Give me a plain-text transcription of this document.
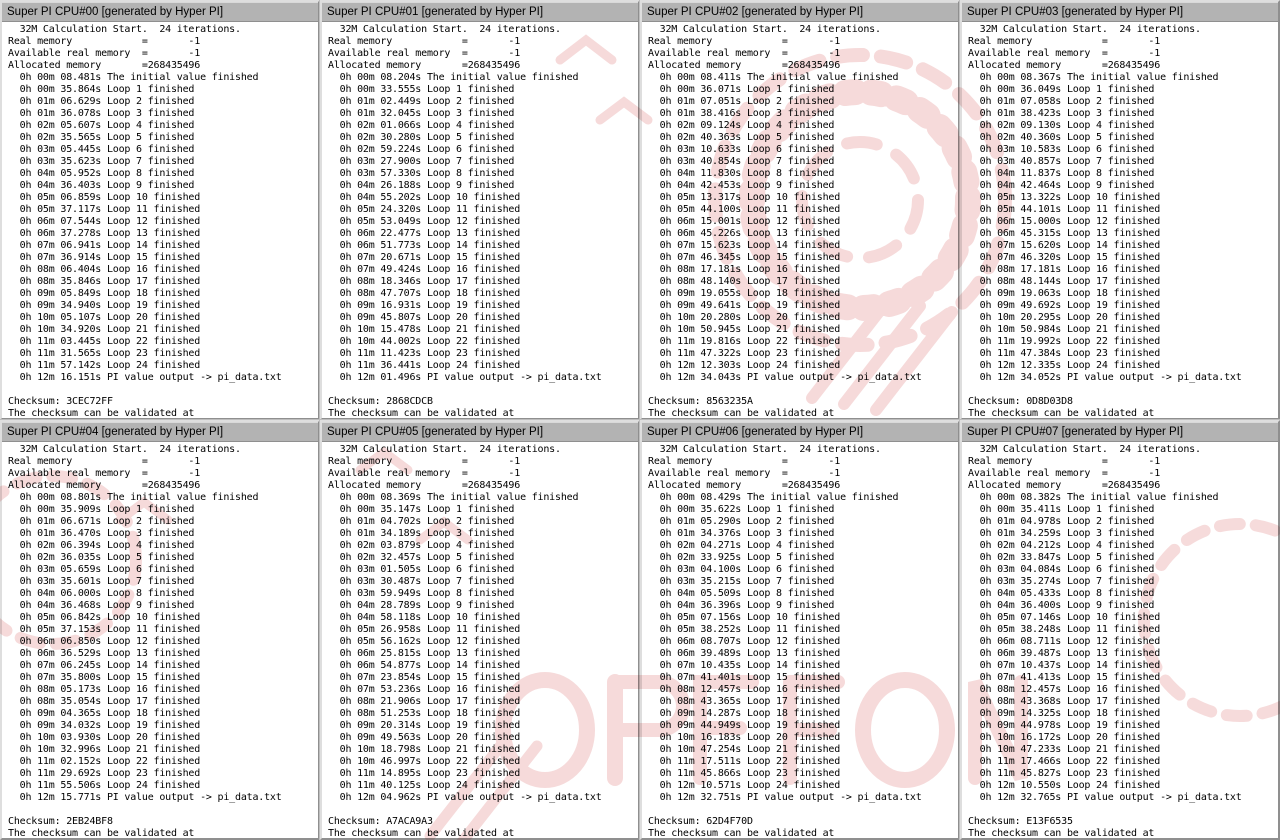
Super PI CPU#00 [generated by Hyper PI]
32M Calculation Start.  24 iterations.
Real memory            =       -1
Available real memory  =       -1
Allocated memory       =268435496
0h 00m 08.481s The initial value finished
0h 00m 35.864s Loop 1 finished
0h 01m 06.629s Loop 2 finished
0h 01m 36.078s Loop 3 finished
0h 02m 05.607s Loop 4 finished
0h 02m 35.565s Loop 5 finished
0h 03m 05.445s Loop 6 finished
0h 03m 35.623s Loop 7 finished
0h 04m 05.952s Loop 8 finished
0h 04m 36.403s Loop 9 finished
0h 05m 06.859s Loop 10 finished
0h 05m 37.117s Loop 11 finished
0h 06m 07.544s Loop 12 finished
0h 06m 37.278s Loop 13 finished
0h 07m 06.941s Loop 14 finished
0h 07m 36.914s Loop 15 finished
0h 08m 06.404s Loop 16 finished
0h 08m 35.846s Loop 17 finished
0h 09m 05.849s Loop 18 finished
0h 09m 34.940s Loop 19 finished
0h 10m 05.107s Loop 20 finished
0h 10m 34.920s Loop 21 finished
0h 11m 03.445s Loop 22 finished
0h 11m 31.565s Loop 23 finished
0h 11m 57.142s Loop 24 finished
0h 12m 16.151s PI value output -> pi_data.txt
Checksum: 3CEC72FF
The checksum can be validated at
Super PI CPU#01 [generated by Hyper PI]
32M Calculation Start.  24 iterations.
Real memory            =       -1
Available real memory  =       -1
Allocated memory       =268435496
0h 00m 08.204s The initial value finished
0h 00m 33.555s Loop 1 finished
0h 01m 02.449s Loop 2 finished
0h 01m 32.045s Loop 3 finished
0h 02m 01.066s Loop 4 finished
0h 02m 30.280s Loop 5 finished
0h 02m 59.224s Loop 6 finished
0h 03m 27.900s Loop 7 finished
0h 03m 57.330s Loop 8 finished
0h 04m 26.188s Loop 9 finished
0h 04m 55.202s Loop 10 finished
0h 05m 24.320s Loop 11 finished
0h 05m 53.049s Loop 12 finished
0h 06m 22.477s Loop 13 finished
0h 06m 51.773s Loop 14 finished
0h 07m 20.671s Loop 15 finished
0h 07m 49.424s Loop 16 finished
0h 08m 18.346s Loop 17 finished
0h 08m 47.707s Loop 18 finished
0h 09m 16.931s Loop 19 finished
0h 09m 45.807s Loop 20 finished
0h 10m 15.478s Loop 21 finished
0h 10m 44.002s Loop 22 finished
0h 11m 11.423s Loop 23 finished
0h 11m 36.441s Loop 24 finished
0h 12m 01.496s PI value output -> pi_data.txt
Checksum: 2868CDCB
The checksum can be validated at
Super PI CPU#02 [generated by Hyper PI]
32M Calculation Start.  24 iterations.
Real memory            =       -1
Available real memory  =       -1
Allocated memory       =268435496
0h 00m 08.411s The initial value finished
0h 00m 36.071s Loop 1 finished
0h 01m 07.051s Loop 2 finished
0h 01m 38.416s Loop 3 finished
0h 02m 09.124s Loop 4 finished
0h 02m 40.363s Loop 5 finished
0h 03m 10.633s Loop 6 finished
0h 03m 40.854s Loop 7 finished
0h 04m 11.830s Loop 8 finished
0h 04m 42.453s Loop 9 finished
0h 05m 13.317s Loop 10 finished
0h 05m 44.100s Loop 11 finished
0h 06m 15.001s Loop 12 finished
0h 06m 45.226s Loop 13 finished
0h 07m 15.623s Loop 14 finished
0h 07m 46.345s Loop 15 finished
0h 08m 17.181s Loop 16 finished
0h 08m 48.140s Loop 17 finished
0h 09m 19.055s Loop 18 finished
0h 09m 49.641s Loop 19 finished
0h 10m 20.280s Loop 20 finished
0h 10m 50.945s Loop 21 finished
0h 11m 19.816s Loop 22 finished
0h 11m 47.322s Loop 23 finished
0h 12m 12.303s Loop 24 finished
0h 12m 34.043s PI value output -> pi_data.txt
Checksum: 8563235A
The checksum can be validated at
Super PI CPU#03 [generated by Hyper PI]
32M Calculation Start.  24 iterations.
Real memory            =       -1
Available real memory  =       -1
Allocated memory       =268435496
0h 00m 08.367s The initial value finished
0h 00m 36.049s Loop 1 finished
0h 01m 07.058s Loop 2 finished
0h 01m 38.423s Loop 3 finished
0h 02m 09.130s Loop 4 finished
0h 02m 40.360s Loop 5 finished
0h 03m 10.583s Loop 6 finished
0h 03m 40.857s Loop 7 finished
0h 04m 11.837s Loop 8 finished
0h 04m 42.464s Loop 9 finished
0h 05m 13.322s Loop 10 finished
0h 05m 44.101s Loop 11 finished
0h 06m 15.000s Loop 12 finished
0h 06m 45.315s Loop 13 finished
0h 07m 15.620s Loop 14 finished
0h 07m 46.320s Loop 15 finished
0h 08m 17.181s Loop 16 finished
0h 08m 48.144s Loop 17 finished
0h 09m 19.063s Loop 18 finished
0h 09m 49.692s Loop 19 finished
0h 10m 20.295s Loop 20 finished
0h 10m 50.984s Loop 21 finished
0h 11m 19.992s Loop 22 finished
0h 11m 47.384s Loop 23 finished
0h 12m 12.335s Loop 24 finished
0h 12m 34.052s PI value output -> pi_data.txt
Checksum: 0D8D03D8
The checksum can be validated at
Super PI CPU#04 [generated by Hyper PI]
32M Calculation Start.  24 iterations.
Real memory            =       -1
Available real memory  =       -1
Allocated memory       =268435496
0h 00m 08.801s The initial value finished
0h 00m 35.909s Loop 1 finished
0h 01m 06.671s Loop 2 finished
0h 01m 36.470s Loop 3 finished
0h 02m 06.394s Loop 4 finished
0h 02m 36.035s Loop 5 finished
0h 03m 05.659s Loop 6 finished
0h 03m 35.601s Loop 7 finished
0h 04m 06.000s Loop 8 finished
0h 04m 36.468s Loop 9 finished
0h 05m 06.842s Loop 10 finished
0h 05m 37.153s Loop 11 finished
0h 06m 06.850s Loop 12 finished
0h 06m 36.529s Loop 13 finished
0h 07m 06.245s Loop 14 finished
0h 07m 35.800s Loop 15 finished
0h 08m 05.173s Loop 16 finished
0h 08m 35.054s Loop 17 finished
0h 09m 04.365s Loop 18 finished
0h 09m 34.032s Loop 19 finished
0h 10m 03.930s Loop 20 finished
0h 10m 32.996s Loop 21 finished
0h 11m 02.152s Loop 22 finished
0h 11m 29.692s Loop 23 finished
0h 11m 55.506s Loop 24 finished
0h 12m 15.771s PI value output -> pi_data.txt
Checksum: 2EB24BF8
The checksum can be validated at
Super PI CPU#05 [generated by Hyper PI]
32M Calculation Start.  24 iterations.
Real memory            =       -1
Available real memory  =       -1
Allocated memory       =268435496
0h 00m 08.369s The initial value finished
0h 00m 35.147s Loop 1 finished
0h 01m 04.702s Loop 2 finished
0h 01m 34.189s Loop 3 finished
0h 02m 03.879s Loop 4 finished
0h 02m 32.457s Loop 5 finished
0h 03m 01.505s Loop 6 finished
0h 03m 30.487s Loop 7 finished
0h 03m 59.949s Loop 8 finished
0h 04m 28.789s Loop 9 finished
0h 04m 58.118s Loop 10 finished
0h 05m 26.958s Loop 11 finished
0h 05m 56.162s Loop 12 finished
0h 06m 25.815s Loop 13 finished
0h 06m 54.877s Loop 14 finished
0h 07m 23.854s Loop 15 finished
0h 07m 53.236s Loop 16 finished
0h 08m 21.906s Loop 17 finished
0h 08m 51.253s Loop 18 finished
0h 09m 20.314s Loop 19 finished
0h 09m 49.563s Loop 20 finished
0h 10m 18.798s Loop 21 finished
0h 10m 46.997s Loop 22 finished
0h 11m 14.895s Loop 23 finished
0h 11m 40.125s Loop 24 finished
0h 12m 04.962s PI value output -> pi_data.txt
Checksum: A7ACA9A3
The checksum can be validated at
Super PI CPU#06 [generated by Hyper PI]
32M Calculation Start.  24 iterations.
Real memory            =       -1
Available real memory  =       -1
Allocated memory       =268435496
0h 00m 08.429s The initial value finished
0h 00m 35.622s Loop 1 finished
0h 01m 05.290s Loop 2 finished
0h 01m 34.376s Loop 3 finished
0h 02m 04.271s Loop 4 finished
0h 02m 33.925s Loop 5 finished
0h 03m 04.100s Loop 6 finished
0h 03m 35.215s Loop 7 finished
0h 04m 05.509s Loop 8 finished
0h 04m 36.396s Loop 9 finished
0h 05m 07.156s Loop 10 finished
0h 05m 38.252s Loop 11 finished
0h 06m 08.707s Loop 12 finished
0h 06m 39.489s Loop 13 finished
0h 07m 10.435s Loop 14 finished
0h 07m 41.401s Loop 15 finished
0h 08m 12.457s Loop 16 finished
0h 08m 43.365s Loop 17 finished
0h 09m 14.287s Loop 18 finished
0h 09m 44.949s Loop 19 finished
0h 10m 16.183s Loop 20 finished
0h 10m 47.254s Loop 21 finished
0h 11m 17.511s Loop 22 finished
0h 11m 45.866s Loop 23 finished
0h 12m 10.571s Loop 24 finished
0h 12m 32.751s PI value output -> pi_data.txt
Checksum: 62D4F70D
The checksum can be validated at
Super PI CPU#07 [generated by Hyper PI]
32M Calculation Start.  24 iterations.
Real memory            =       -1
Available real memory  =       -1
Allocated memory       =268435496
0h 00m 08.382s The initial value finished
0h 00m 35.411s Loop 1 finished
0h 01m 04.978s Loop 2 finished
0h 01m 34.259s Loop 3 finished
0h 02m 04.212s Loop 4 finished
0h 02m 33.847s Loop 5 finished
0h 03m 04.084s Loop 6 finished
0h 03m 35.274s Loop 7 finished
0h 04m 05.433s Loop 8 finished
0h 04m 36.400s Loop 9 finished
0h 05m 07.146s Loop 10 finished
0h 05m 38.248s Loop 11 finished
0h 06m 08.711s Loop 12 finished
0h 06m 39.487s Loop 13 finished
0h 07m 10.437s Loop 14 finished
0h 07m 41.413s Loop 15 finished
0h 08m 12.457s Loop 16 finished
0h 08m 43.368s Loop 17 finished
0h 09m 14.325s Loop 18 finished
0h 09m 44.978s Loop 19 finished
0h 10m 16.172s Loop 20 finished
0h 10m 47.233s Loop 21 finished
0h 11m 17.466s Loop 22 finished
0h 11m 45.827s Loop 23 finished
0h 12m 10.550s Loop 24 finished
0h 12m 32.765s PI value output -> pi_data.txt
Checksum: E13F6535
The checksum can be validated at
